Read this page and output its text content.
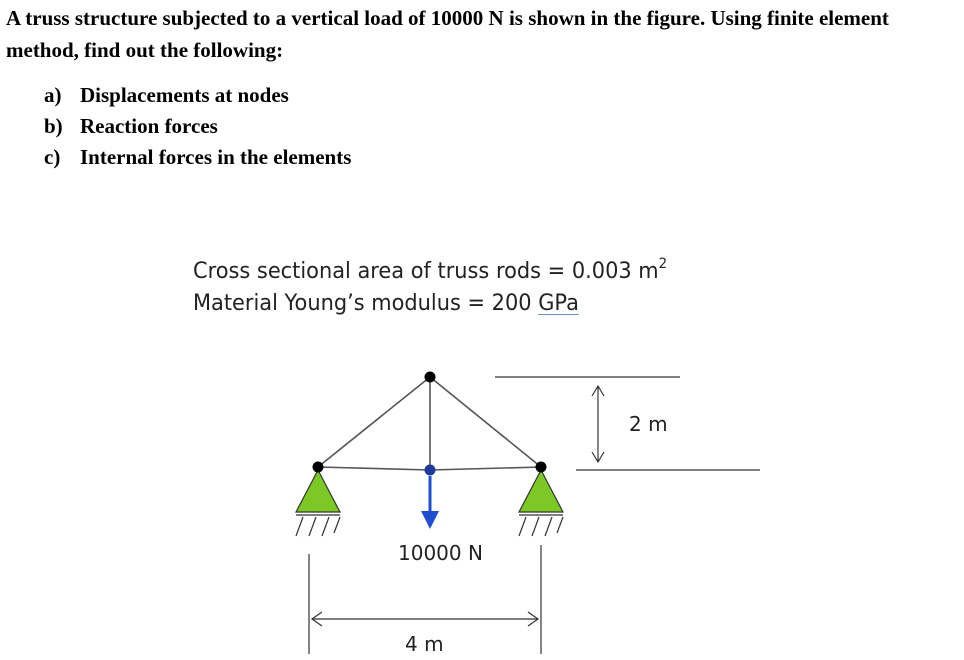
A truss structure subjected to a vertical load of 10000 N is shown in the figure. Using finite element method, find out the following:

a) Displacements at nodes
b) Reaction forces
c) Internal forces in the elements
Cross sectional area of truss rods = 0.003 $m^2$
Material Young’s modulus = 200 GPa
10000 N
4 m
2 m
